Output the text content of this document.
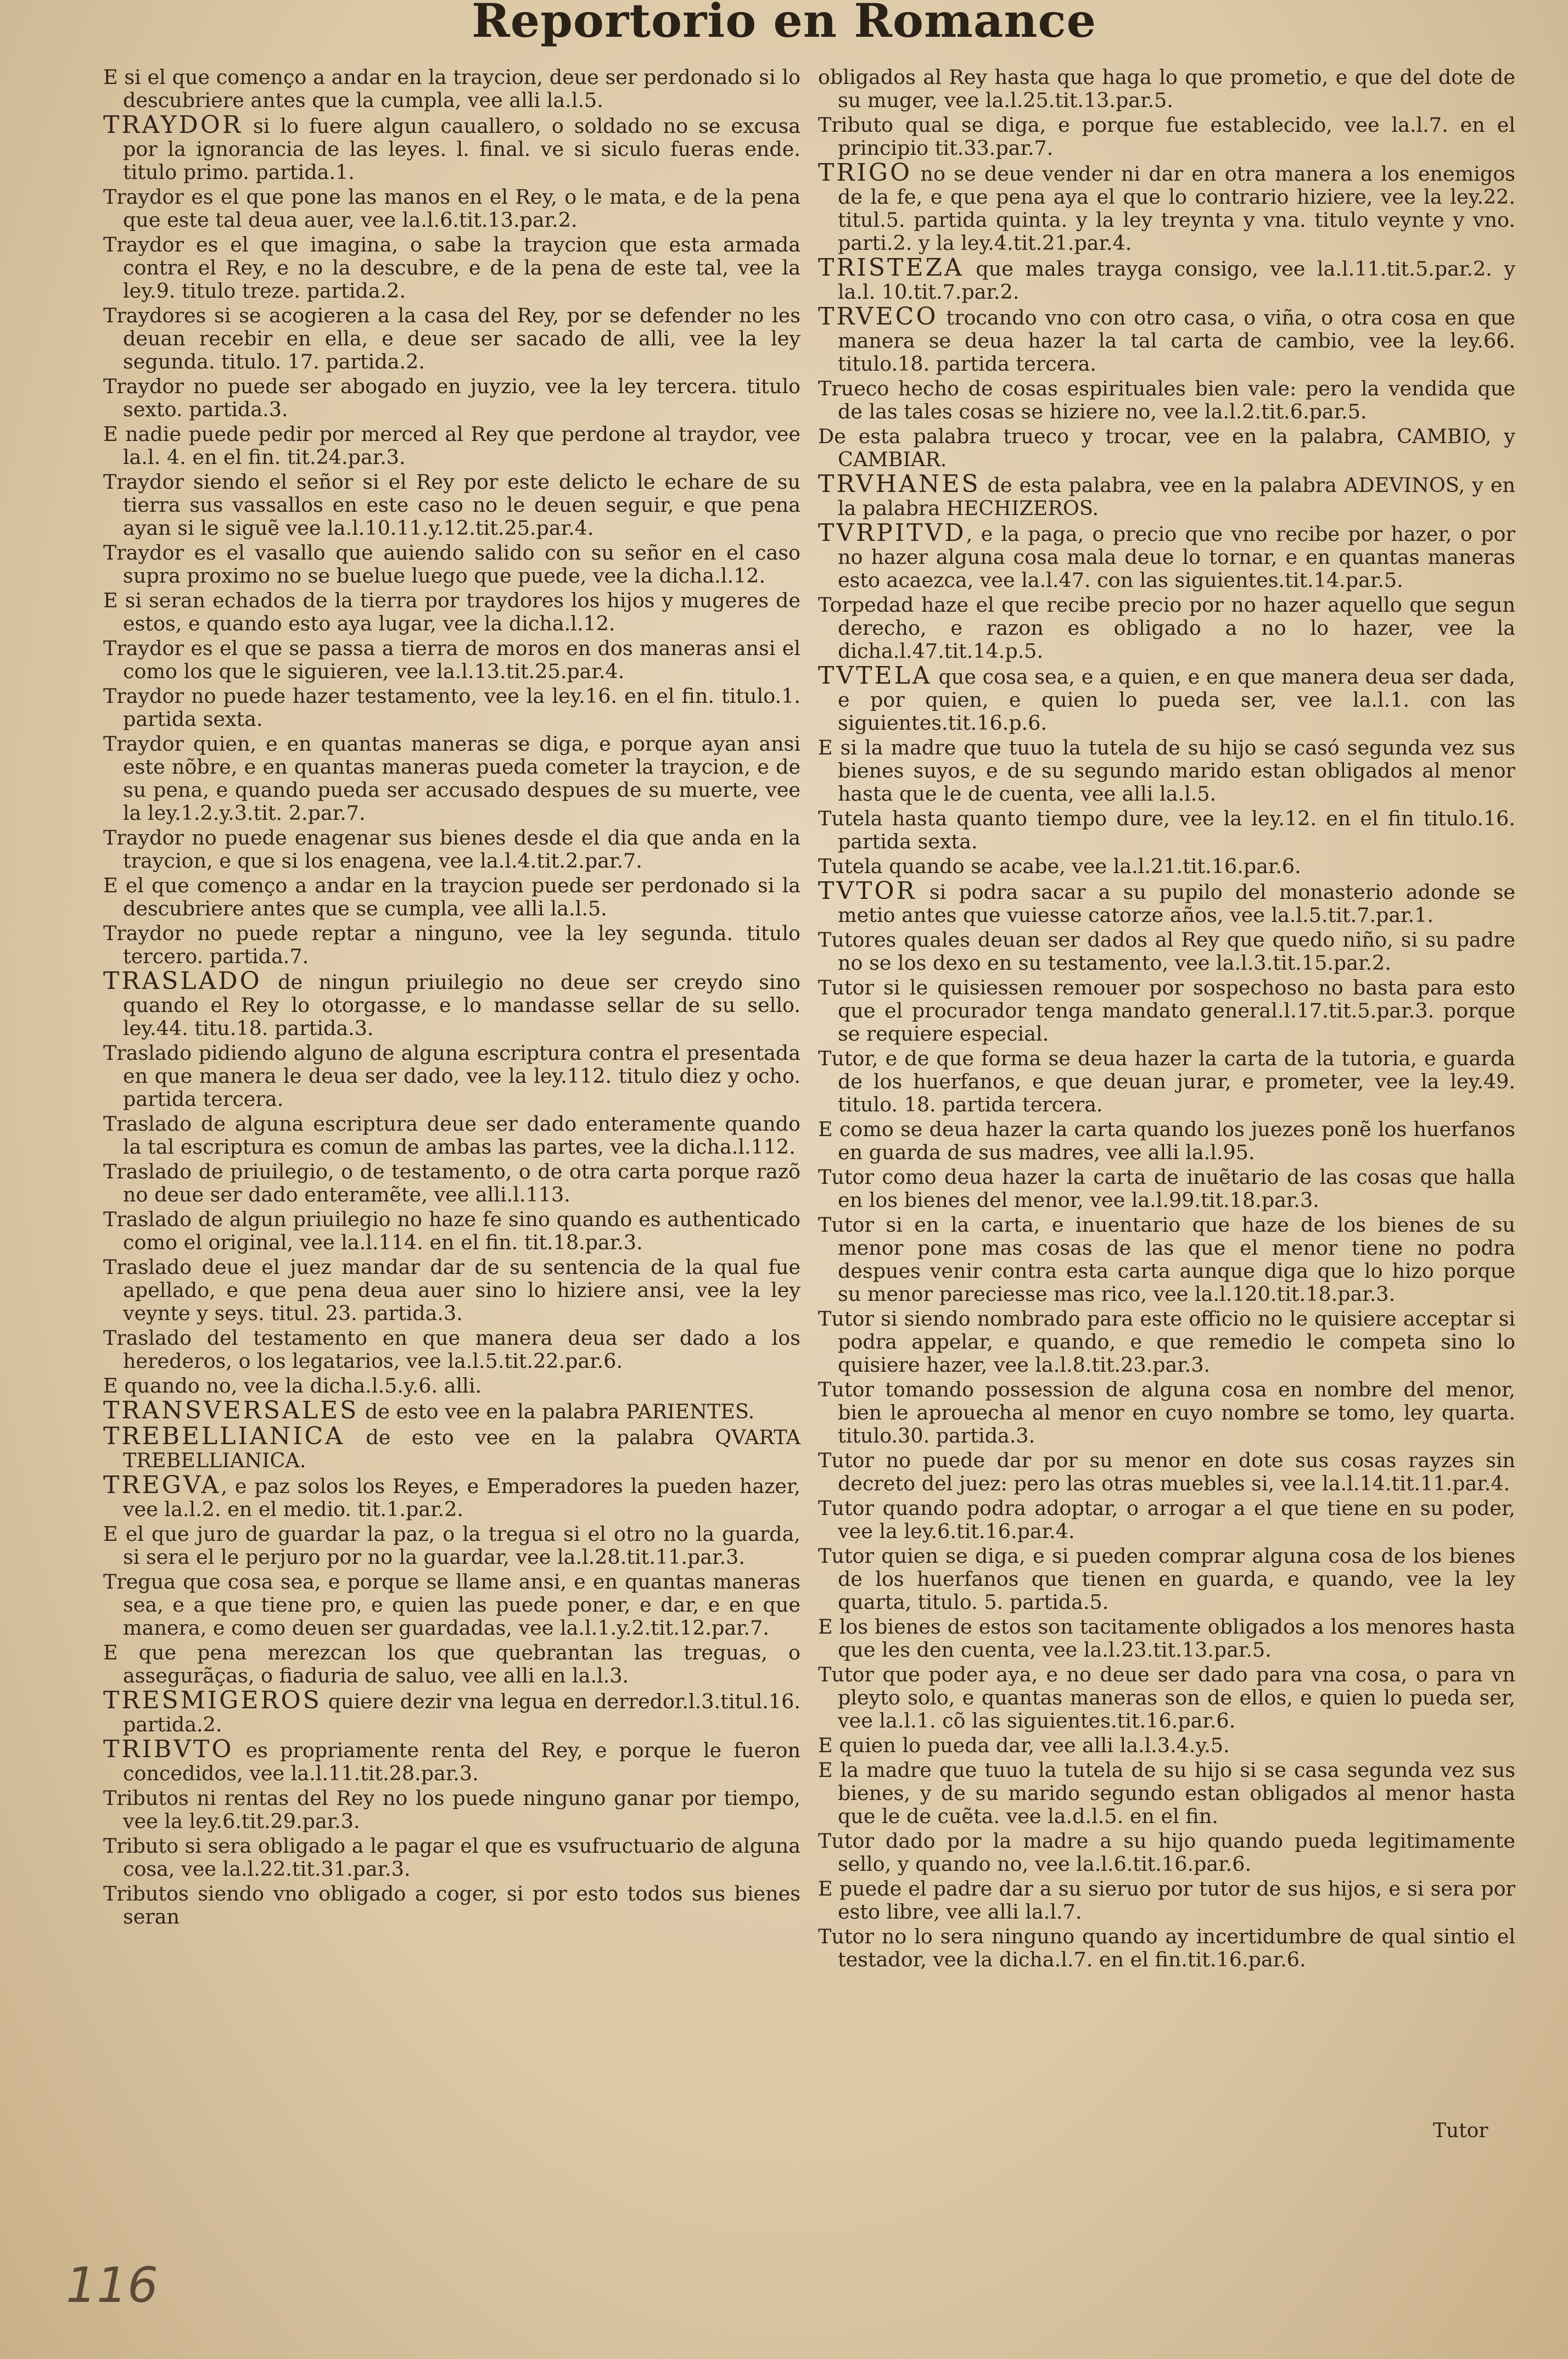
Reportorio en Romance

E si el que començo a andar en la traycion, deue ser perdonado si lo descubriere antes que la cumpla, vee alli la.l.5.

TRAYDOR si lo fuere algun cauallero, o soldado no se excusa por la ignorancia de las leyes. l. final. ve si siculo fueras ende. titulo primo. partida.1.

Traydor es el que pone las manos en el Rey, o le mata, e de la pena que este tal deua auer, vee la.l.6.tit.13.par.2.

Traydor es el que imagina, o sabe la traycion que esta armada contra el Rey, e no la descubre, e de la pena de este tal, vee la ley.9. titulo treze. partida.2.

Traydores si se acogieren a la casa del Rey, por se defender no les deuan recebir en ella, e deue ser sacado de alli, vee la ley segunda. titulo. 17. partida.2.

Traydor no puede ser abogado en juyzio, vee la ley tercera. titulo sexto. partida.3.

E nadie puede pedir por merced al Rey que perdone al traydor, vee la.l. 4. en el fin. tit.24.par.3.

Traydor siendo el señor si el Rey por este delicto le echare de su tierra sus vassallos en este caso no le deuen seguir, e que pena ayan si le siguẽ vee la.l.10.11.y.12.tit.25.par.4.

Traydor es el vasallo que auiendo salido con su señor en el caso supra proximo no se buelue luego que puede, vee la dicha.l.12.

E si seran echados de la tierra por traydores los hijos y mugeres de estos, e quando esto aya lugar, vee la dicha.l.12.

Traydor es el que se passa a tierra de moros en dos maneras ansi el como los que le siguieren, vee la.l.13.tit.25.par.4.

Traydor no puede hazer testamento, vee la ley.16. en el fin. titulo.1. partida sexta.

Traydor quien, e en quantas maneras se diga, e porque ayan ansi este nõbre, e en quantas maneras pueda cometer la traycion, e de su pena, e quando pueda ser accusado despues de su muerte, vee la ley.1.2.y.3.tit. 2.par.7.

Traydor no puede enagenar sus bienes desde el dia que anda en la traycion, e que si los enagena, vee la.l.4.tit.2.par.7.

E el que començo a andar en la traycion puede ser perdonado si la descubriere antes que se cumpla, vee alli la.l.5.

Traydor no puede reptar a ninguno, vee la ley segunda. titulo tercero. partida.7.

TRASLADO de ningun priuilegio no deue ser creydo sino quando el Rey lo otorgasse, e lo mandasse sellar de su sello. ley.44. titu.18. partida.3.

Traslado pidiendo alguno de alguna escriptura contra el presentada en que manera le deua ser dado, vee la ley.112. titulo diez y ocho. partida tercera.

Traslado de alguna escriptura deue ser dado enteramente quando la tal escriptura es comun de ambas las partes, vee la dicha.l.112.

Traslado de priuilegio, o de testamento, o de otra carta porque razõ no deue ser dado enteramẽte, vee alli.l.113.

Traslado de algun priuilegio no haze fe sino quando es authenticado como el original, vee la.l.114. en el fin. tit.18.par.3.

Traslado deue el juez mandar dar de su sentencia de la qual fue apellado, e que pena deua auer sino lo hiziere ansi, vee la ley veynte y seys. titul. 23. partida.3.

Traslado del testamento en que manera deua ser dado a los herederos, o los legatarios, vee la.l.5.tit.22.par.6.

E quando no, vee la dicha.l.5.y.6. alli.

TRANSVERSALES de esto vee en la palabra PARIENTES.

TREBELLIANICA de esto vee en la palabra QVARTA TREBELLIANICA.

TREGVA, e paz solos los Reyes, e Emperadores la pueden hazer, vee la.l.2. en el medio. tit.1.par.2.

E el que juro de guardar la paz, o la tregua si el otro no la guarda, si sera el le perjuro por no la guardar, vee la.l.28.tit.11.par.3.

Tregua que cosa sea, e porque se llame ansi, e en quantas maneras sea, e a que tiene pro, e quien las puede poner, e dar, e en que manera, e como deuen ser guardadas, vee la.l.1.y.2.tit.12.par.7.

E que pena merezcan los que quebrantan las treguas, o assegurãças, o fiaduria de saluo, vee alli en la.l.3.

TRESMIGEROS quiere dezir vna legua en derredor.l.3.titul.16. partida.2.

TRIBVTO es propriamente renta del Rey, e porque le fueron concedidos, vee la.l.11.tit.28.par.3.

Tributos ni rentas del Rey no los puede ninguno ganar por tiempo, vee la ley.6.tit.29.par.3.

Tributo si sera obligado a le pagar el que es vsufructuario de alguna cosa, vee la.l.22.tit.31.par.3.

Tributos siendo vno obligado a coger, si por esto todos sus bienes seran

obligados al Rey hasta que haga lo que prometio, e que del dote de su muger, vee la.l.25.tit.13.par.5.

Tributo qual se diga, e porque fue establecido, vee la.l.7. en el principio tit.33.par.7.

TRIGO no se deue vender ni dar en otra manera a los enemigos de la fe, e que pena aya el que lo contrario hiziere, vee la ley.22. titul.5. partida quinta. y la ley treynta y vna. titulo veynte y vno. parti.2. y la ley.4.tit.21.par.4.

TRISTEZA que males trayga consigo, vee la.l.11.tit.5.par.2. y la.l. 10.tit.7.par.2.

TRVECO trocando vno con otro casa, o viña, o otra cosa en que manera se deua hazer la tal carta de cambio, vee la ley.66. titulo.18. partida tercera.

Trueco hecho de cosas espirituales bien vale: pero la vendida que de las tales cosas se hiziere no, vee la.l.2.tit.6.par.5.

De esta palabra trueco y trocar, vee en la palabra, CAMBIO, y CAMBIAR.

TRVHANES de esta palabra, vee en la palabra ADEVINOS, y en la palabra HECHIZEROS.

TVRPITVD, e la paga, o precio que vno recibe por hazer, o por no hazer alguna cosa mala deue lo tornar, e en quantas maneras esto acaezca, vee la.l.47. con las siguientes.tit.14.par.5.

Torpedad haze el que recibe precio por no hazer aquello que segun derecho, e razon es obligado a no lo hazer, vee la dicha.l.47.tit.14.p.5.

TVTELA que cosa sea, e a quien, e en que manera deua ser dada, e por quien, e quien lo pueda ser, vee la.l.1. con las siguientes.tit.16.p.6.

E si la madre que tuuo la tutela de su hijo se casó segunda vez sus bienes suyos, e de su segundo marido estan obligados al menor hasta que le de cuenta, vee alli la.l.5.

Tutela hasta quanto tiempo dure, vee la ley.12. en el fin titulo.16. partida sexta.

Tutela quando se acabe, vee la.l.21.tit.16.par.6.

TVTOR si podra sacar a su pupilo del monasterio adonde se metio antes que vuiesse catorze años, vee la.l.5.tit.7.par.1.

Tutores quales deuan ser dados al Rey que quedo niño, si su padre no se los dexo en su testamento, vee la.l.3.tit.15.par.2.

Tutor si le quisiessen remouer por sospechoso no basta para esto que el procurador tenga mandato general.l.17.tit.5.par.3. porque se requiere especial.

Tutor, e de que forma se deua hazer la carta de la tutoria, e guarda de los huerfanos, e que deuan jurar, e prometer, vee la ley.49. titulo. 18. partida tercera.

E como se deua hazer la carta quando los juezes ponẽ los huerfanos en guarda de sus madres, vee alli la.l.95.

Tutor como deua hazer la carta de inuẽtario de las cosas que halla en los bienes del menor, vee la.l.99.tit.18.par.3.

Tutor si en la carta, e inuentario que haze de los bienes de su menor pone mas cosas de las que el menor tiene no podra despues venir contra esta carta aunque diga que lo hizo porque su menor pareciesse mas rico, vee la.l.120.tit.18.par.3.

Tutor si siendo nombrado para este officio no le quisiere acceptar si podra appelar, e quando, e que remedio le competa sino lo quisiere hazer, vee la.l.8.tit.23.par.3.

Tutor tomando possession de alguna cosa en nombre del menor, bien le aprouecha al menor en cuyo nombre se tomo, ley quarta. titulo.30. partida.3.

Tutor no puede dar por su menor en dote sus cosas rayzes sin decreto del juez: pero las otras muebles si, vee la.l.14.tit.11.par.4.

Tutor quando podra adoptar, o arrogar a el que tiene en su poder, vee la ley.6.tit.16.par.4.

Tutor quien se diga, e si pueden comprar alguna cosa de los bienes de los huerfanos que tienen en guarda, e quando, vee la ley quarta, titulo. 5. partida.5.

E los bienes de estos son tacitamente obligados a los menores hasta que les den cuenta, vee la.l.23.tit.13.par.5.

Tutor que poder aya, e no deue ser dado para vna cosa, o para vn pleyto solo, e quantas maneras son de ellos, e quien lo pueda ser, vee la.l.1. cõ las siguientes.tit.16.par.6.

E quien lo pueda dar, vee alli la.l.3.4.y.5.

E la madre que tuuo la tutela de su hijo si se casa segunda vez sus bienes, y de su marido segundo estan obligados al menor hasta que le de cuẽta. vee la.d.l.5. en el fin.

Tutor dado por la madre a su hijo quando pueda legitimamente sello, y quando no, vee la.l.6.tit.16.par.6.

E puede el padre dar a su sieruo por tutor de sus hijos, e si sera por esto libre, vee alli la.l.7.

Tutor no lo sera ninguno quando ay incertidumbre de qual sintio el testador, vee la dicha.l.7. en el fin.tit.16.par.6.

Tutor
116
